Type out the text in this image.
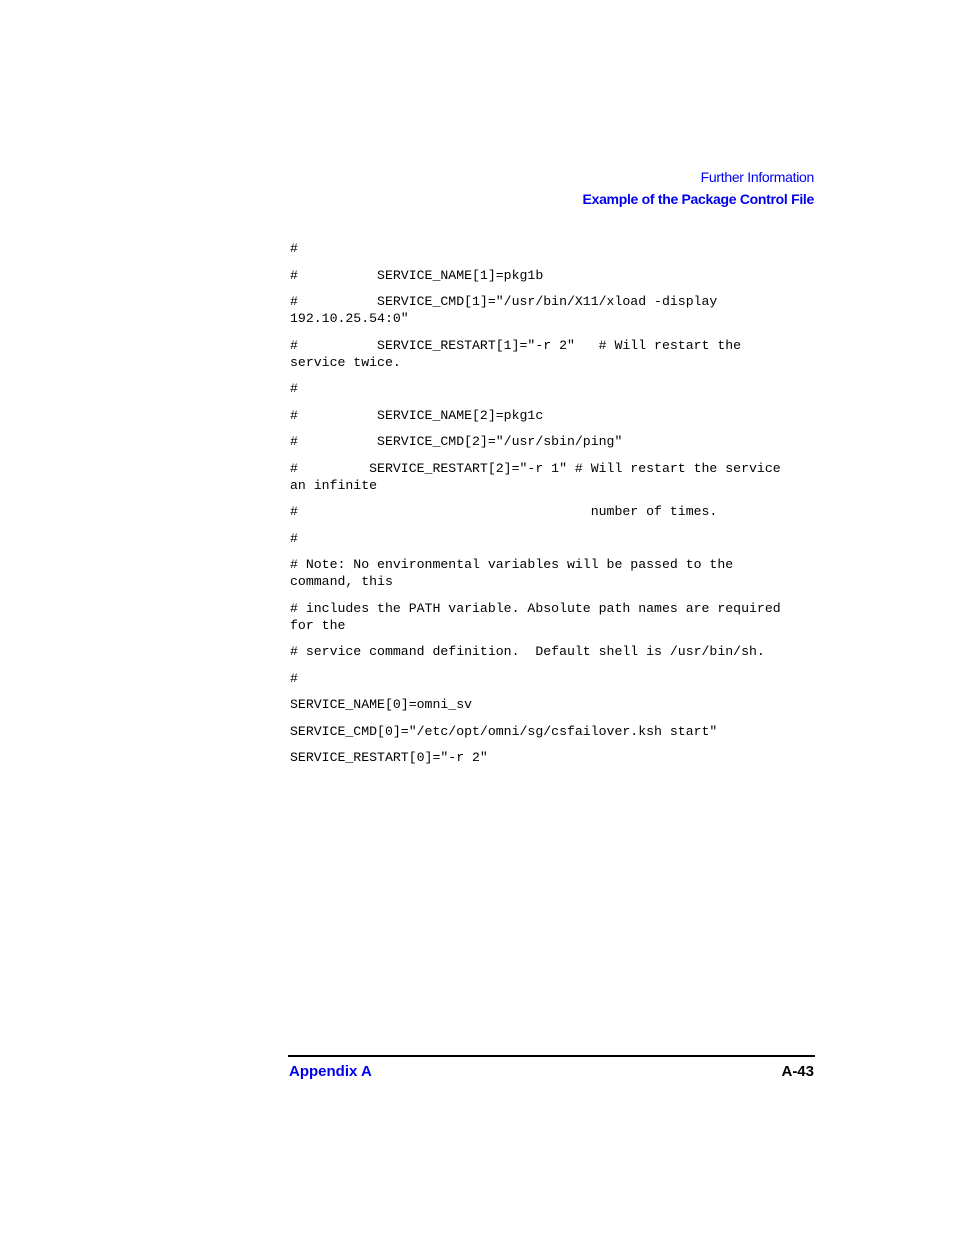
Further Information
Example of the Package Control File
#
#          SERVICE_NAME[1]=pkg1b
#          SERVICE_CMD[1]="/usr/bin/X11/xload -display
192.10.25.54:0"
#          SERVICE_RESTART[1]="-r 2"   # Will restart the
service twice.
#
#          SERVICE_NAME[2]=pkg1c
#          SERVICE_CMD[2]="/usr/sbin/ping"
#         SERVICE_RESTART[2]="-r 1" # Will restart the service
an infinite
#                                     number of times.
#
# Note: No environmental variables will be passed to the
command, this
# includes the PATH variable. Absolute path names are required
for the
# service command definition.  Default shell is /usr/bin/sh.
#
SERVICE_NAME[0]=omni_sv
SERVICE_CMD[0]="/etc/opt/omni/sg/csfailover.ksh start"
SERVICE_RESTART[0]="-r 2"
Appendix A	A-43
